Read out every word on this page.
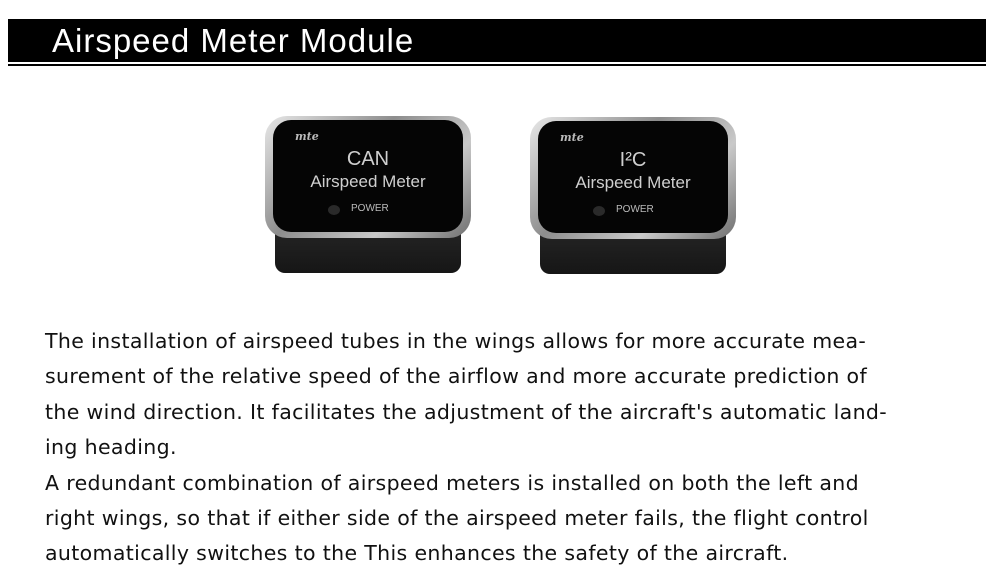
Airspeed Meter Module
mte
CAN
Airspeed Meter
POWER
mte
I²C
Airspeed Meter
POWER
The installation of airspeed tubes in the wings allows for more accurate mea-
surement of the relative speed of the airflow and more accurate prediction of
the wind direction. It facilitates the adjustment of the aircraft's automatic land-
ing heading.
A redundant combination of airspeed meters is installed on both the left and
right wings, so that if either side of the airspeed meter fails, the flight control
automatically switches to the This enhances the safety of the aircraft.
